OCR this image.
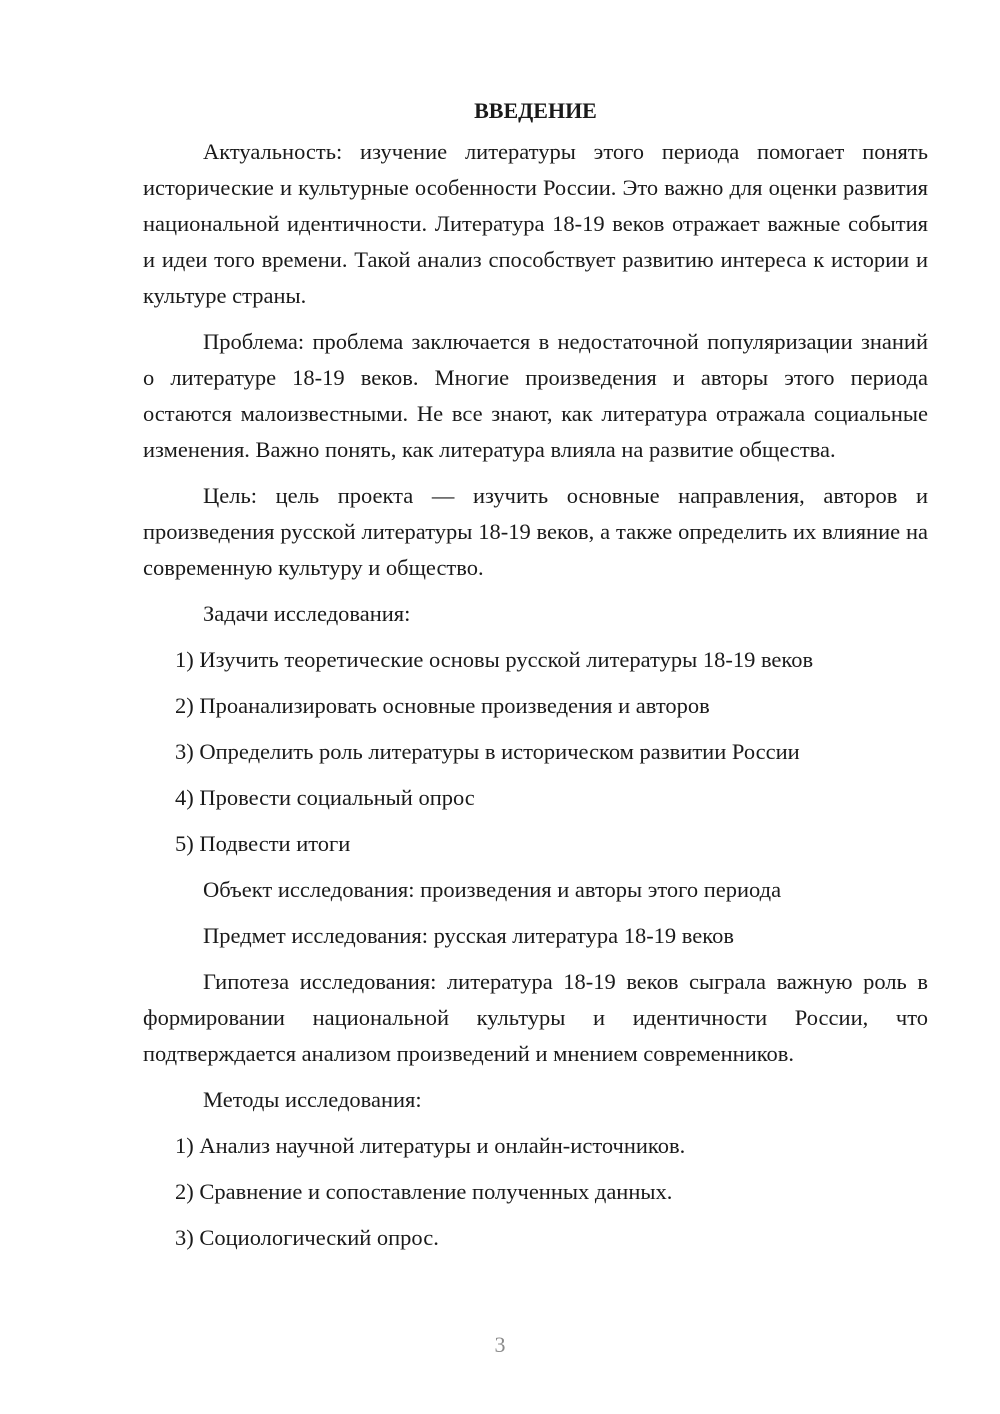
ВВЕДЕНИЕ

Актуальность: изучение литературы этого периода помогает понять исторические и культурные особенности России. Это важно для оценки развития национальной идентичности. Литература 18-19 веков отражает важные события и идеи того времени. Такой анализ способствует развитию интереса к истории и культуре страны.

Проблема: проблема заключается в недостаточной популяризации знаний о литературе 18-19 веков. Многие произведения и авторы этого периода остаются малоизвестными. Не все знают, как литература отражала социальные изменения. Важно понять, как литература влияла на развитие общества.

Цель: цель проекта — изучить основные направления, авторов и произведения русской литературы 18-19 веков, а также определить их влияние на современную культуру и общество.

Задачи исследования:

1) Изучить теоретические основы русской литературы 18-19 веков

2) Проанализировать основные произведения и авторов

3) Определить роль литературы в историческом развитии России

4) Провести социальный опрос

5) Подвести итоги

Объект исследования: произведения и авторы этого периода

Предмет исследования: русская литература 18-19 веков

Гипотеза исследования: литература 18-19 веков сыграла важную роль в формировании национальной культуры и идентичности России, что подтверждается анализом произведений и мнением современников.

Методы исследования:

1) Анализ научной литературы и онлайн-источников.

2) Сравнение и сопоставление полученных данных.

3) Социологический опрос.

3
